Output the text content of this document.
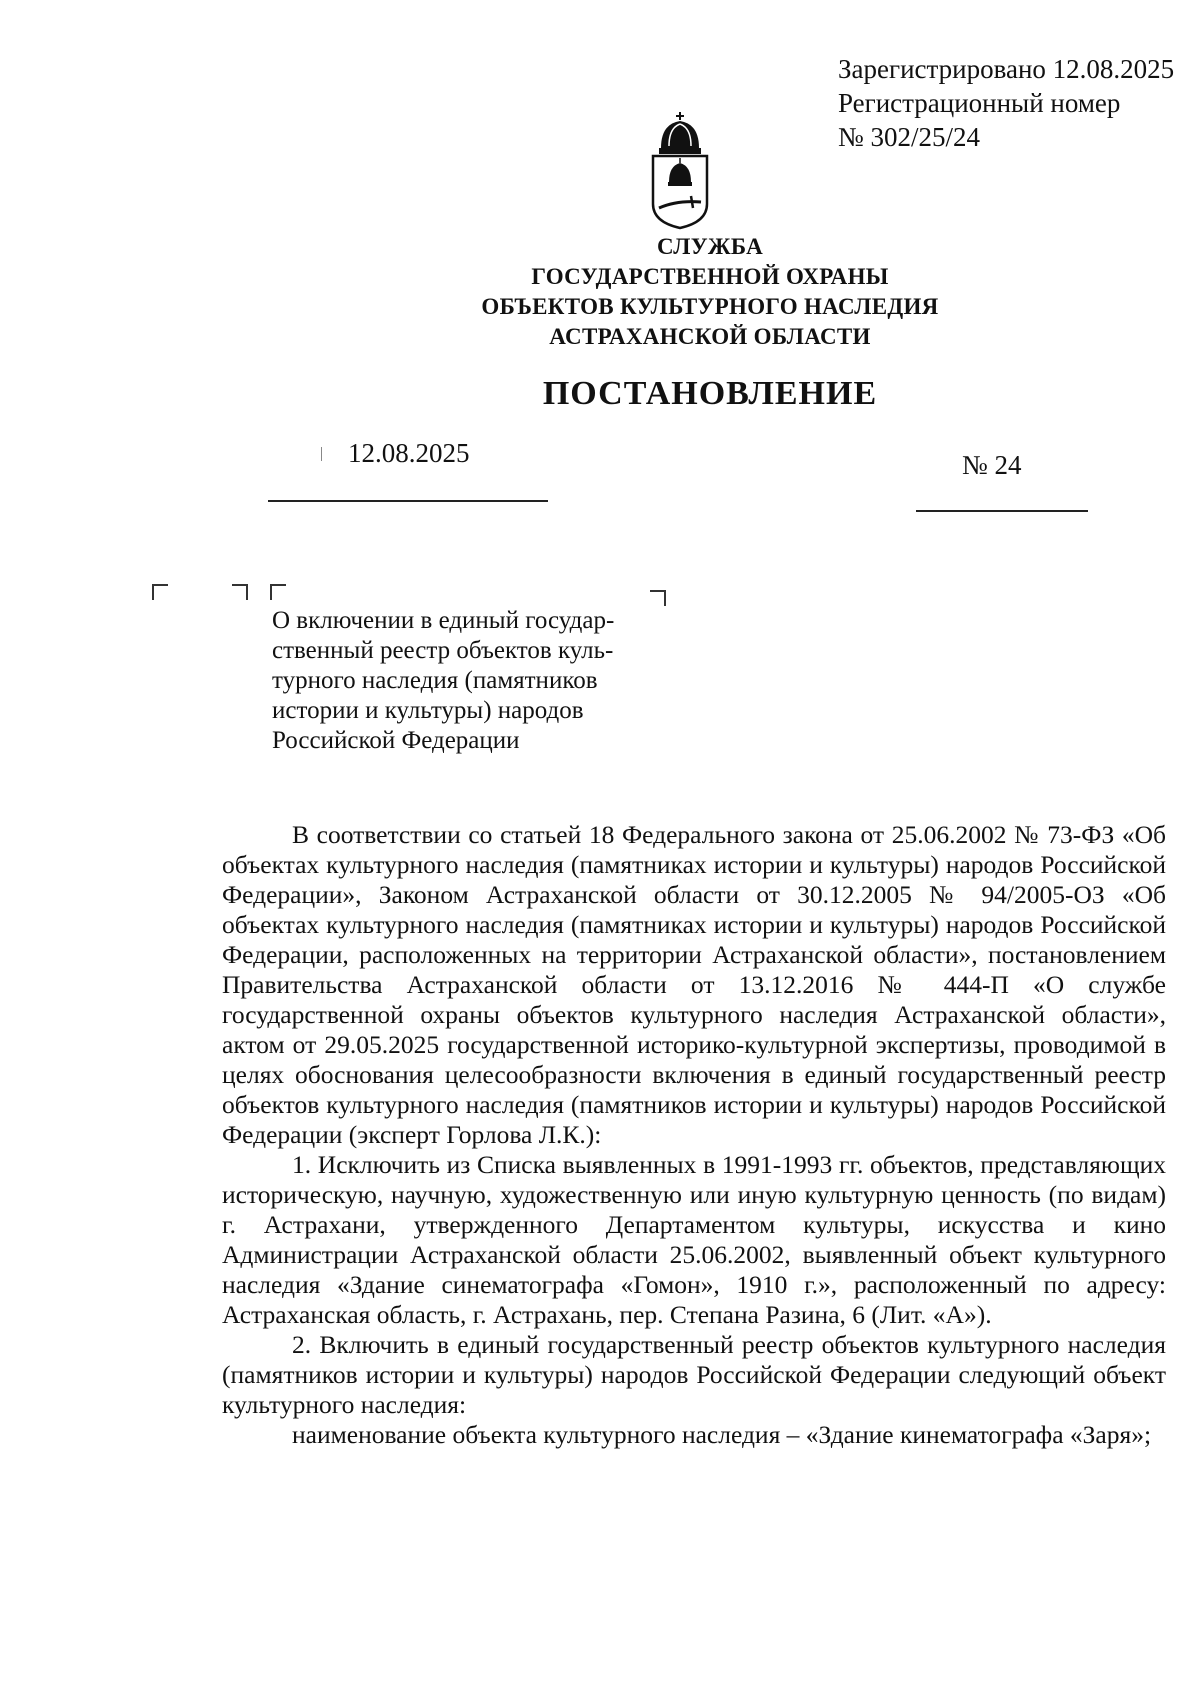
Зарегистрировано 12.08.2025
Регистрационный номер
№ 302/25/24
СЛУЖБА
ГОСУДАРСТВЕННОЙ ОХРАНЫ
ОБЪЕКТОВ КУЛЬТУРНОГО НАСЛЕДИЯ
АСТРАХАНСКОЙ ОБЛАСТИ
ПОСТАНОВЛЕНИЕ
12.08.2025	№ 24
О включении в единый государ-
ственный реестр объектов куль-
турного наследия (памятников
истории и культуры) народов
Российской Федерации

В соответствии со статьей 18 Федерального закона от 25.06.2002 № 73-ФЗ «Об объектах культурного наследия (памятниках истории и культуры) народов Российской Федерации», Законом Астраханской области от 30.12.2005 № 94/2005-ОЗ «Об объектах культурного наследия (памятниках истории и культуры) народов Российской Федерации, расположенных на территории Астраханской области», постановлением Правительства Астраханской области от 13.12.2016 № 444-П «О службе государственной охраны объектов культурного наследия Астраханской области», актом от 29.05.2025 государственной историко-культурной экспертизы, проводимой в целях обоснования целесообразности включения в единый государственный реестр объектов культурного наследия (памятников истории и культуры) народов Российской Федерации (эксперт Горлова Л.К.):

1. Исключить из Списка выявленных в 1991-1993 гг. объектов, представляющих историческую, научную, художественную или иную культурную ценность (по видам) г. Астрахани, утвержденного Департаментом культуры, искусства и кино Администрации Астраханской области 25.06.2002, выявленный объект культурного наследия «Здание синематографа «Гомон», 1910 г.», расположенный по адресу: Астраханская область, г. Астрахань, пер. Степана Разина, 6 (Лит. «А»).

2. Включить в единый государственный реестр объектов культурного наследия (памятников истории и культуры) народов Российской Федерации следующий объект культурного наследия:

наименование объекта культурного наследия – «Здание кинематографа «Заря»;
